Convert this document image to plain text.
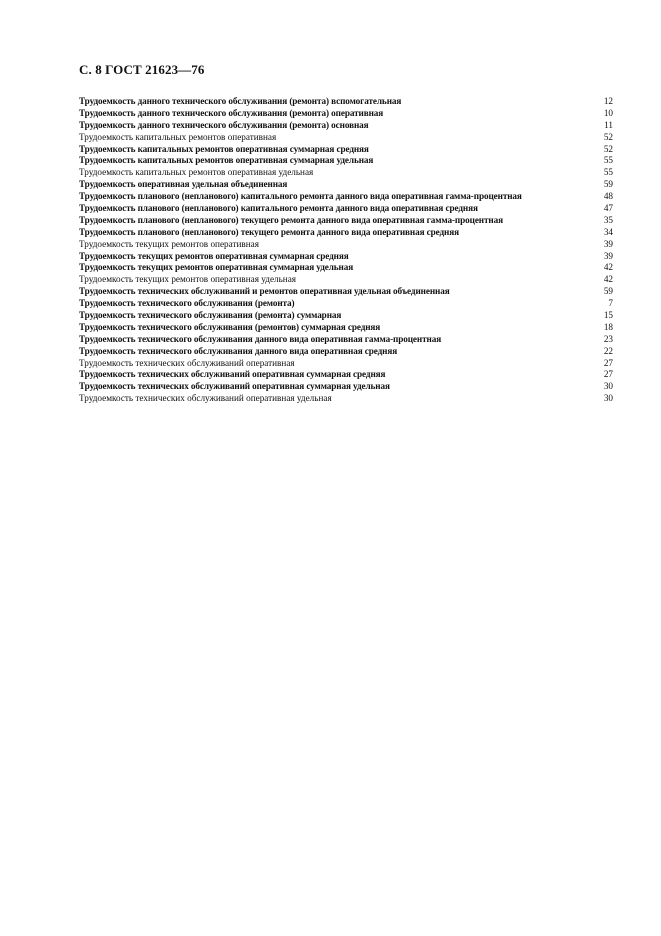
С. 8 ГОСТ 21623—76
Трудоемкость данного технического обслуживания (ремонта) вспомогательная	12
Трудоемкость данного технического обслуживания (ремонта) оперативная	10
Трудоемкость данного технического обслуживания (ремонта) основная	11
Трудоемкость капитальных ремонтов оперативная	52
Трудоемкость капитальных ремонтов оперативная суммарная средняя	52
Трудоемкость капитальных ремонтов оперативная суммарная удельная	55
Трудоемкость капитальных ремонтов оперативная удельная	55
Трудоемкость оперативная удельная объединенная	59
Трудоемкость планового (непланового) капитального ремонта данного вида оперативная гамма-процентная	48
Трудоемкость планового (непланового) капитального ремонта данного вида оперативная средняя	47
Трудоемкость планового (непланового) текущего ремонта данного вида оперативная гамма-процентная	35
Трудоемкость планового (непланового) текущего ремонта данного вида оперативная средняя	34
Трудоемкость текущих ремонтов оперативная	39
Трудоемкость текущих ремонтов оперативная суммарная средняя	39
Трудоемкость текущих ремонтов оперативная суммарная удельная	42
Трудоемкость текущих ремонтов оперативная удельная	42
Трудоемкость технических обслуживаний и ремонтов оперативная удельная объединенная	59
Трудоемкость технического обслуживания (ремонта)	7
Трудоемкость технического обслуживания (ремонта) суммарная	15
Трудоемкость технического обслуживания (ремонтов) суммарная средняя	18
Трудоемкость технического обслуживания данного вида оперативная гамма-процентная	23
Трудоемкость технического обслуживания данного вида оперативная средняя	22
Трудоемкость технических обслуживаний оперативная	27
Трудоемкость технических обслуживаний оперативная суммарная средняя	27
Трудоемкость технических обслуживаний оперативная суммарная удельная	30
Трудоемкость технических обслуживаний оперативная удельная	30
